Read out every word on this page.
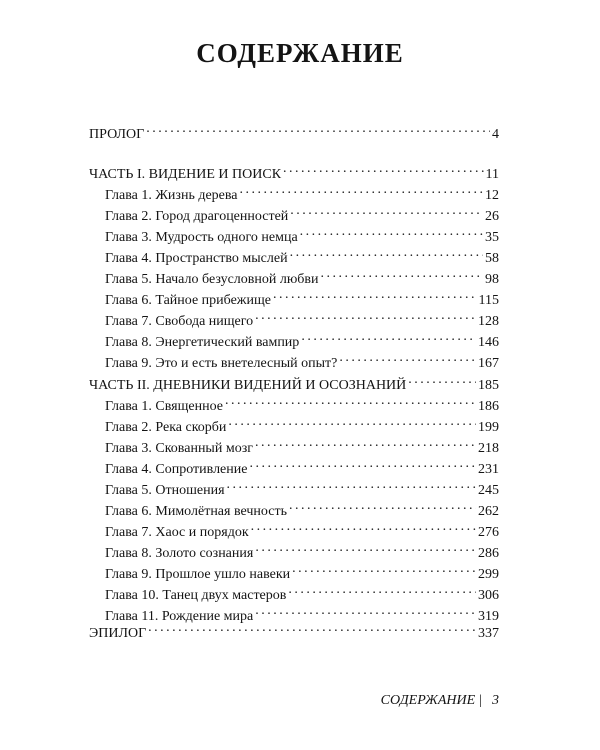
СОДЕРЖАНИЕ
ПРОЛОГ . . .	4
ЧАСТЬ I. ВИДЕНИЕ И ПОИСК . . .	11
Глава 1. Жизнь дерева . . .	12
Глава 2. Город драгоценностей . . .	26
Глава 3. Мудрость одного немца . . .	35
Глава 4. Пространство мыслей . . .	58
Глава 5. Начало безусловной любви . . .	98
Глава 6. Тайное прибежище . . .	115
Глава 7. Свобода нищего . . .	128
Глава 8. Энергетический вампир . . .	146
Глава 9. Это и есть внетелесный опыт? . . .	167
ЧАСТЬ II. ДНЕВНИКИ ВИДЕНИЙ И ОСОЗНАНИЙ . . .	185
Глава 1. Священное . . .	186
Глава 2. Река скорби . . .	199
Глава 3. Скованный мозг . . .	218
Глава 4. Сопротивление . . .	231
Глава 5. Отношения . . .	245
Глава 6. Мимолётная вечность . . .	262
Глава 7. Хаос и порядок . . .	276
Глава 8. Золото сознания . . .	286
Глава 9. Прошлое ушло навеки . . .	299
Глава 10. Танец двух мастеров . . .	306
Глава 11. Рождение мира . . .	319
ЭПИЛОГ . . .	337
СОДЕРЖАНИЕ | 3
